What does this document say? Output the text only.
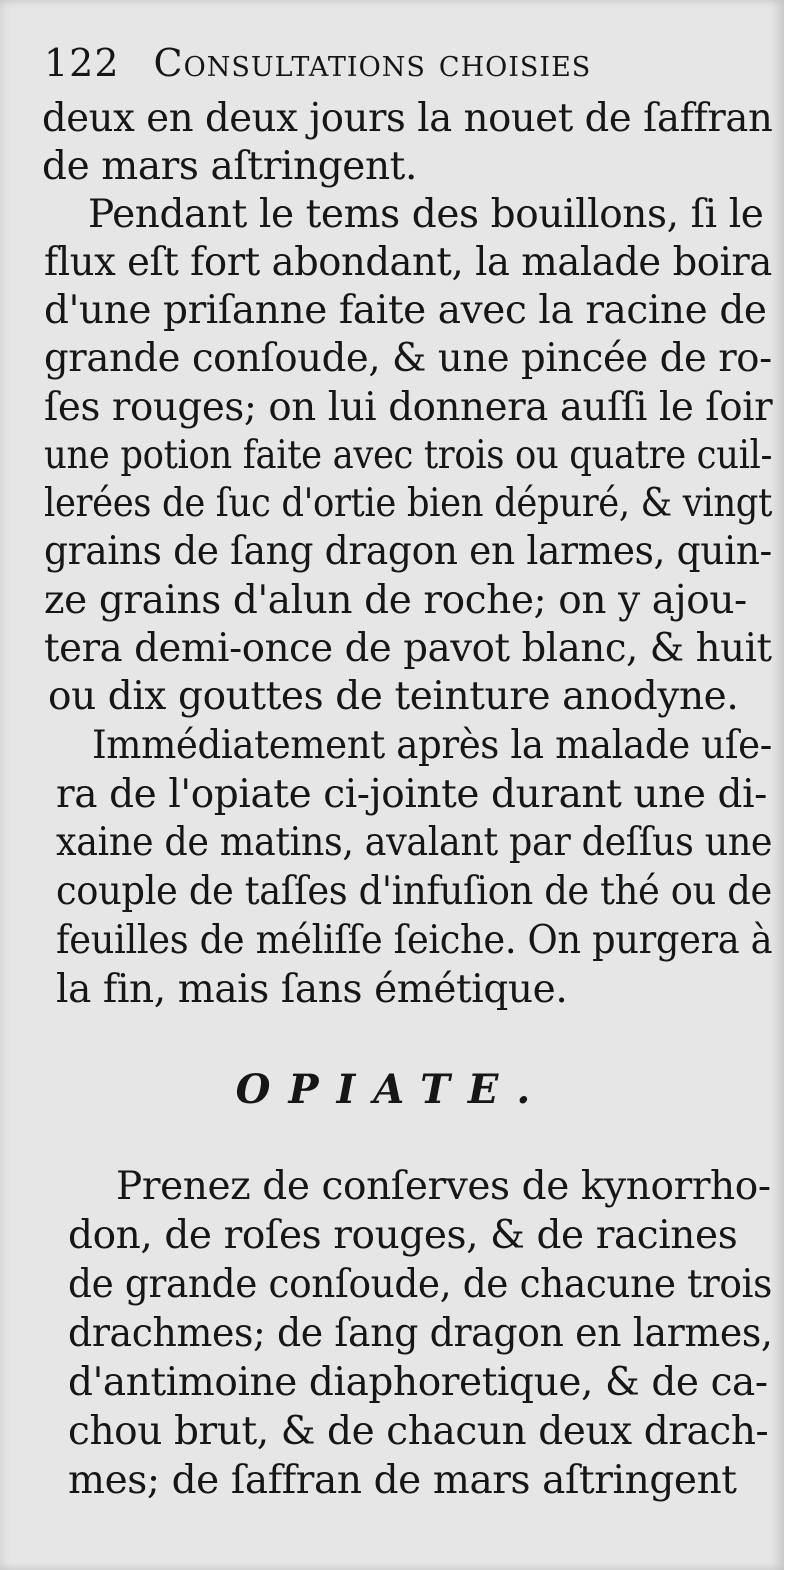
122 Consultations choisies
deux en deux jours la nouet de ſaffran
de mars aſtringent.
Pendant le tems des bouillons, ſi le
flux eſt fort abondant, la malade boira
d'une priſanne faite avec la racine de
grande conſoude, & une pincée de ro-
ſes rouges; on lui donnera auſſi le ſoir
une potion faite avec trois ou quatre cuil-
lerées de ſuc d'ortie bien dépuré, & vingt
grains de ſang dragon en larmes, quin-
ze grains d'alun de roche; on y ajou-
tera demi-once de pavot blanc, & huit
ou dix gouttes de teinture anodyne.
Immédiatement après la malade uſe-
ra de l'opiate ci-jointe durant une di-
xaine de matins, avalant par deſſus une
couple de taſſes d'infuſion de thé ou de
feuilles de méliſſe ſeiche. On purgera à
la fin, mais ſans émétique.
OPIATE.
Prenez de conſerves de kynorrho-
don, de roſes rouges, & de racines
de grande conſoude, de chacune trois
drachmes; de ſang dragon en larmes,
d'antimoine diaphoretique, & de ca-
chou brut, & de chacun deux drach-
mes; de ſaffran de mars aſtringent
